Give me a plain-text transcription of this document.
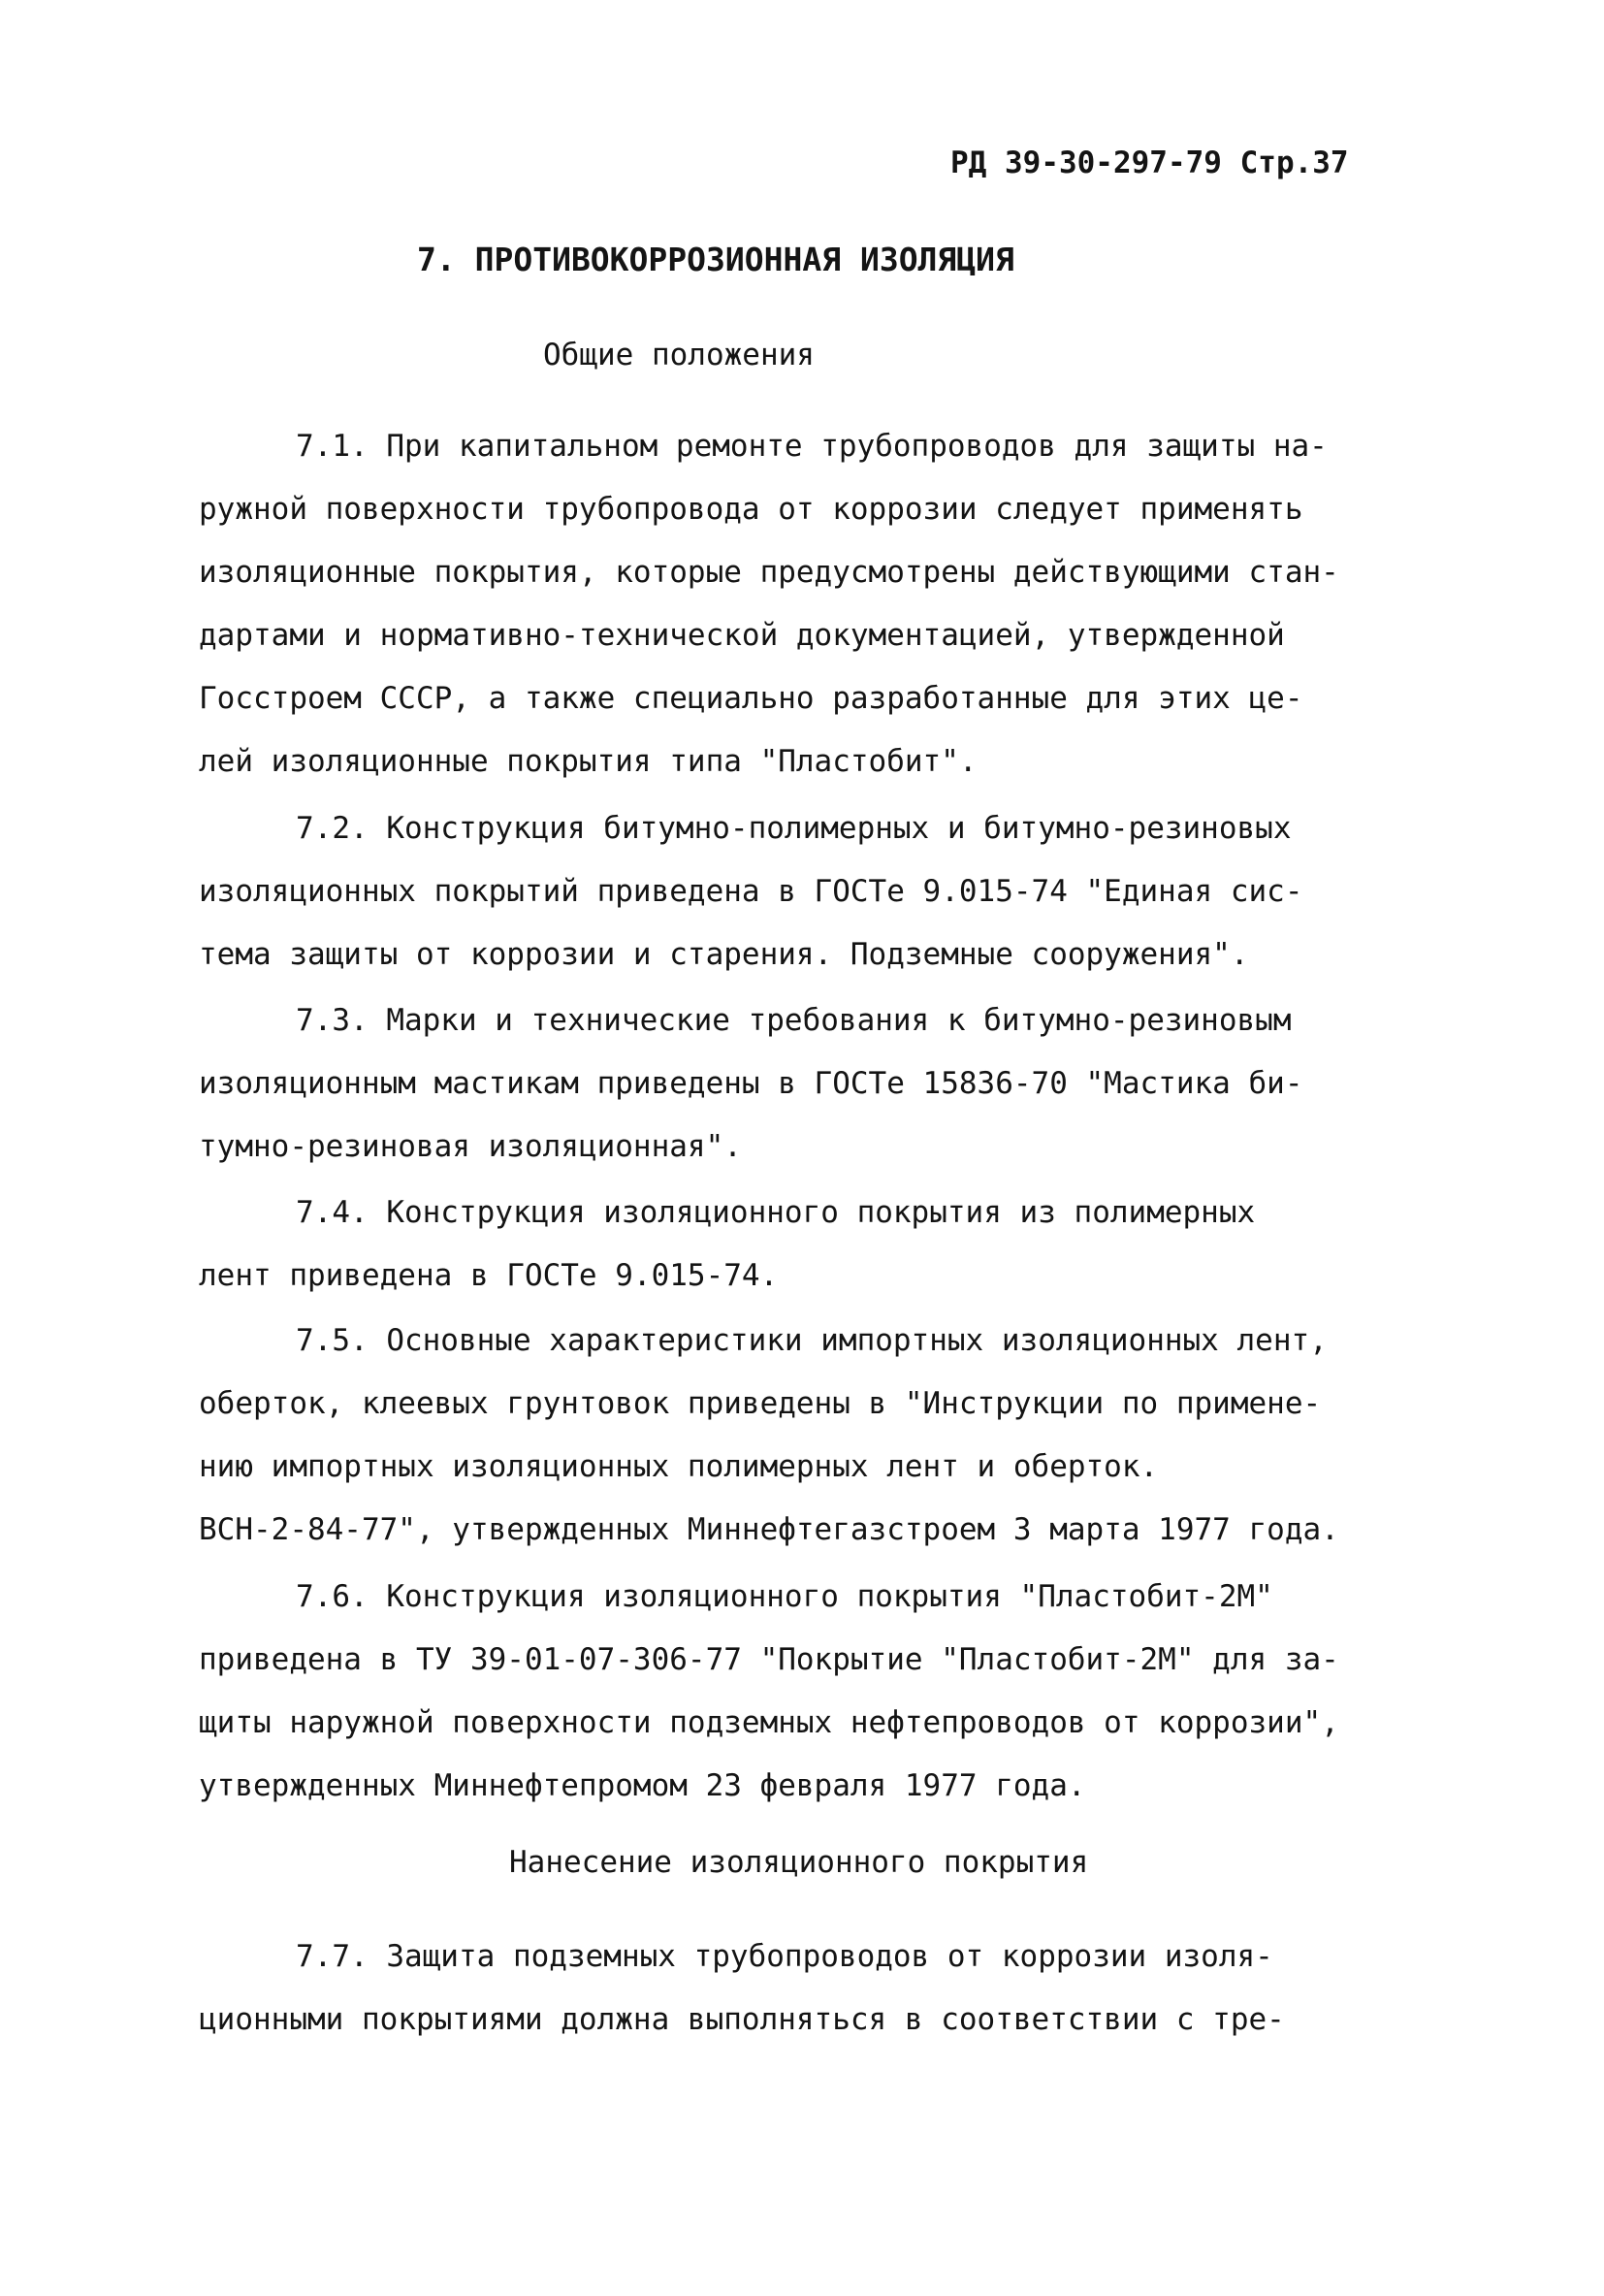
РД 39-30-297-79 Стр.37
7. ПРОТИВОКОРРОЗИОННАЯ ИЗОЛЯЦИЯ
Общие положения
7.1. При капитальном ремонте трубопроводов для защиты на-
ружной поверхности трубопровода от коррозии следует применять
изоляционные покрытия, которые предусмотрены действующими стан-
дартами и нормативно-технической документацией, утвержденной
Госстроем СССР, а также специально разработанные для этих це-
лей изоляционные покрытия типа "Пластобит".
7.2. Конструкция битумно-полимерных и битумно-резиновых
изоляционных покрытий приведена в ГОСТе 9.015-74 "Единая сис-
тема защиты от коррозии и старения. Подземные сооружения".
7.3. Марки и технические требования к битумно-резиновым
изоляционным мастикам приведены в ГОСТе 15836-70 "Мастика би-
тумно-резиновая изоляционная".
7.4. Конструкция изоляционного покрытия из полимерных
лент приведена в ГОСТе 9.015-74.
7.5. Основные характеристики импортных изоляционных лент,
оберток, клеевых грунтовок приведены в "Инструкции по примене-
нию импортных изоляционных полимерных лент и оберток.
ВСН-2-84-77", утвержденных Миннефтегазстроем 3 марта 1977 года.
7.6. Конструкция изоляционного покрытия "Пластобит-2М"
приведена в ТУ 39-01-07-306-77 "Покрытие "Пластобит-2М" для за-
щиты наружной поверхности подземных нефтепроводов от коррозии",
утвержденных Миннефтепромом 23 февраля 1977 года.
Нанесение изоляционного покрытия
7.7. Защита подземных трубопроводов от коррозии изоля-
ционными покрытиями должна выполняться в соответствии с тре-
